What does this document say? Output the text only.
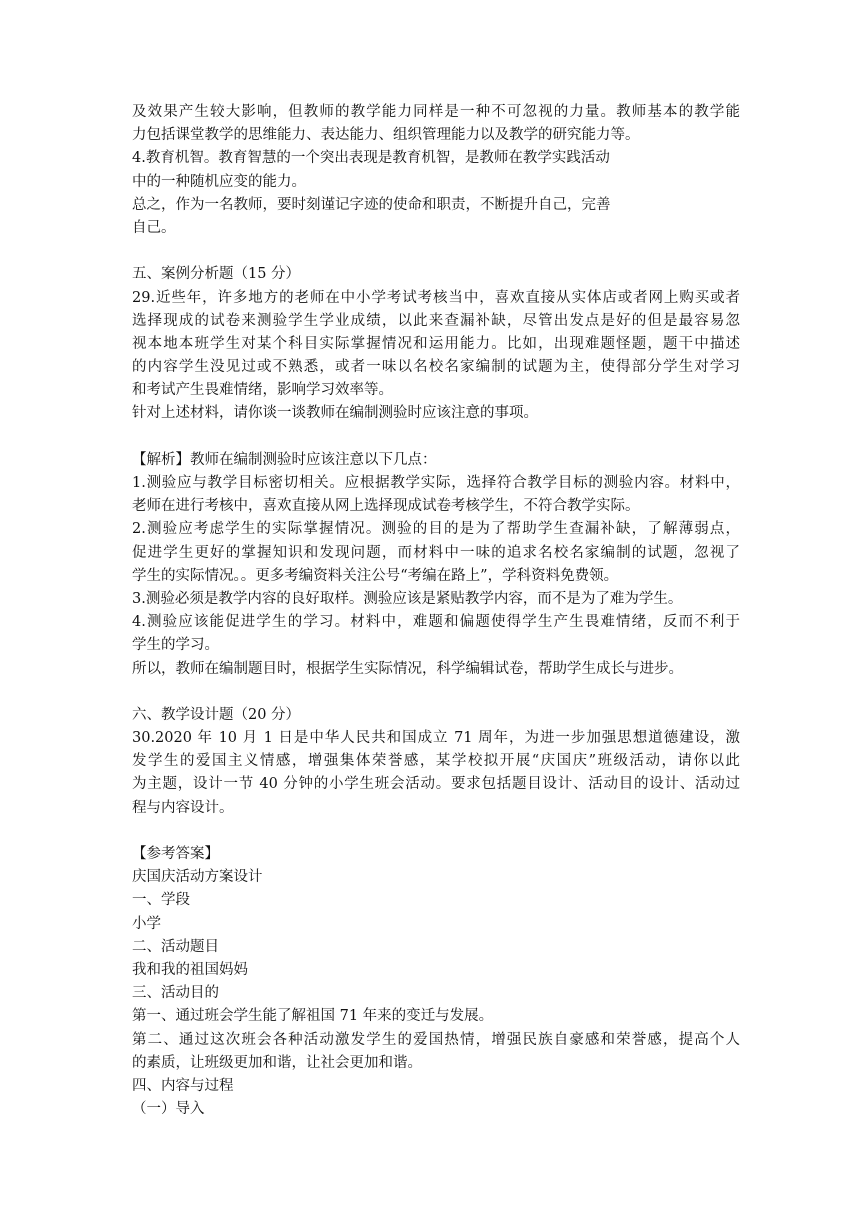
及效果产生较大影响，但教师的教学能力同样是一种不可忽视的力量。教师基本的教学能
力包括课堂教学的思维能力、表达能力、组织管理能力以及教学的研究能力等。
4.教育机智。教育智慧的一个突出表现是教育机智，是教师在教学实践活动
中的一种随机应变的能力。
总之，作为一名教师，要时刻谨记字迹的使命和职责，不断提升自己，完善
自己。
五、案例分析题（15 分）
29.近些年，许多地方的老师在中小学考试考核当中，喜欢直接从实体店或者网上购买或者
选择现成的试卷来测验学生学业成绩，以此来查漏补缺，尽管出发点是好的但是最容易忽
视本地本班学生对某个科目实际掌握情况和运用能力。比如，出现难题怪题，题干中描述
的内容学生没见过或不熟悉，或者一味以名校名家编制的试题为主，使得部分学生对学习
和考试产生畏难情绪，影响学习效率等。
针对上述材料，请你谈一谈教师在编制测验时应该注意的事项。
【解析】教师在编制测验时应该注意以下几点：
1.测验应与教学目标密切相关。应根据教学实际，选择符合教学目标的测验内容。材料中，
老师在进行考核中，喜欢直接从网上选择现成试卷考核学生，不符合教学实际。
2.测验应考虑学生的实际掌握情况。测验的目的是为了帮助学生查漏补缺，了解薄弱点，
促进学生更好的掌握知识和发现问题，而材料中一味的追求名校名家编制的试题，忽视了
学生的实际情况。。更多考编资料关注公号“考编在路上”，学科资料免费领。
3.测验必须是教学内容的良好取样。测验应该是紧贴教学内容，而不是为了难为学生。
4.测验应该能促进学生的学习。材料中，难题和偏题使得学生产生畏难情绪，反而不利于
学生的学习。
所以，教师在编制题目时，根据学生实际情况，科学编辑试卷，帮助学生成长与进步。
六、教学设计题（20 分）
30.2020 年 10 月 1 日是中华人民共和国成立 71 周年，为进一步加强思想道德建设，激
发学生的爱国主义情感，增强集体荣誉感，某学校拟开展“庆国庆”班级活动，请你以此
为主题，设计一节 40 分钟的小学生班会活动。要求包括题目设计、活动目的设计、活动过
程与内容设计。
【参考答案】
庆国庆活动方案设计
一、学段
小学
二、活动题目
我和我的祖国妈妈
三、活动目的
第一、通过班会学生能了解祖国 71 年来的变迁与发展。
第二、通过这次班会各种活动激发学生的爱国热情，增强民族自豪感和荣誉感，提高个人
的素质，让班级更加和谐，让社会更加和谐。
四、内容与过程
（一）导入
